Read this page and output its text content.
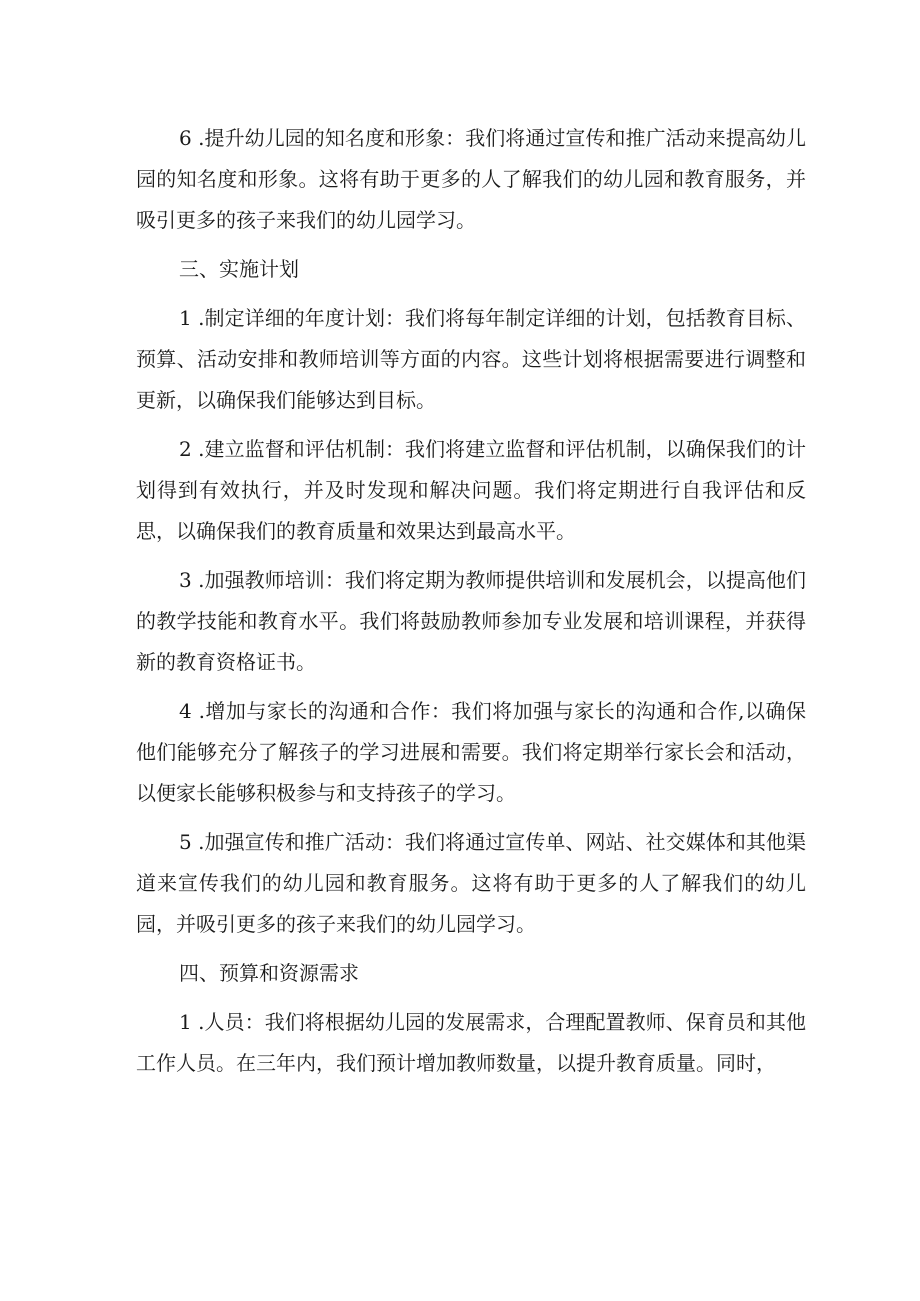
6 .提升幼儿园的知名度和形象：我们将通过宣传和推广活动来提高幼儿园的知名度和形象。这将有助于更多的人了解我们的幼儿园和教育服务，并吸引更多的孩子来我们的幼儿园学习。

三、实施计划

1 .制定详细的年度计划：我们将每年制定详细的计划，包括教育目标、预算、活动安排和教师培训等方面的内容。这些计划将根据需要进行调整和更新，以确保我们能够达到目标。

2 .建立监督和评估机制：我们将建立监督和评估机制，以确保我们的计划得到有效执行，并及时发现和解决问题。我们将定期进行自我评估和反思，以确保我们的教育质量和效果达到最高水平。

3 .加强教师培训：我们将定期为教师提供培训和发展机会，以提高他们的教学技能和教育水平。我们将鼓励教师参加专业发展和培训课程，并获得新的教育资格证书。

4 .增加与家长的沟通和合作：我们将加强与家长的沟通和合作,以确保他们能够充分了解孩子的学习进展和需要。我们将定期举行家长会和活动，以便家长能够积极参与和支持孩子的学习。

5 .加强宣传和推广活动：我们将通过宣传单、网站、社交媒体和其他渠道来宣传我们的幼儿园和教育服务。这将有助于更多的人了解我们的幼儿园，并吸引更多的孩子来我们的幼儿园学习。

四、预算和资源需求

1 .人员：我们将根据幼儿园的发展需求，合理配置教师、保育员和其他工作人员。在三年内，我们预计增加教师数量，以提升教育质量。同时，
